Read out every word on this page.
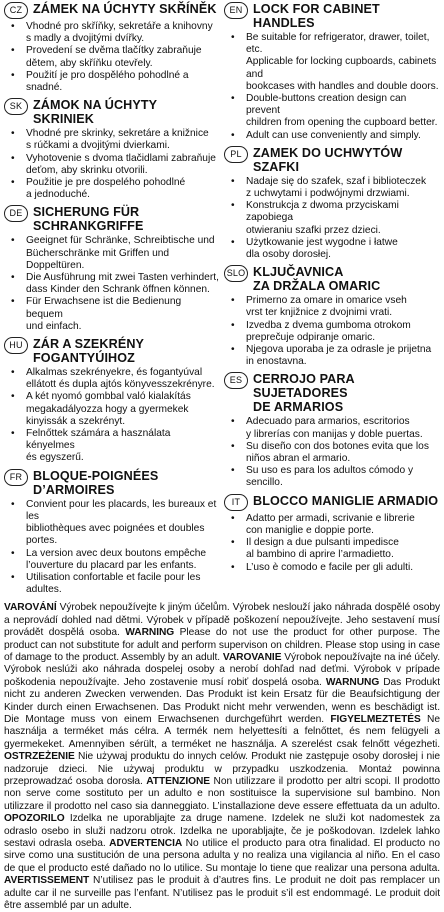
CZ ZÁMEK NA ÚCHYTY SKŘÍNĚK
• Vhodné pro skříňky, sekretáře a knihovny
s madly a dvojitými dvířky.
• Provedení se dvěma tlačítky zabraňuje
dětem, aby skříňku otevřely.
• Použití je pro dospělého pohodlné a snadné.
SK ZÁMOK NA ÚCHYTY SKRINIEK
• Vhodné pre skrinky, sekretáre a knižnice
s rúčkami a dvojitými dvierkami.
• Vyhotovenie s dvoma tlačidlami zabraňuje
deťom, aby skrinku otvorili.
• Použitie je pre dospelého pohodlné
a jednoduché.
DE SICHERUNG FÜR
SCHRANKGRIFFE
• Geeignet für Schränke, Schreibtische und
Bücherschränke mit Griffen und Doppeltüren.
• Die Ausführung mit zwei Tasten verhindert,
dass Kinder den Schrank öffnen können.
• Für Erwachsene ist die Bedienung bequem
und einfach.
HU ZÁR A SZEKRÉNY
FOGANTYÚIHOZ
• Alkalmas szekrényekre, és fogantyúval
ellátott és dupla ajtós könyvesszekrényre.
• A két nyomó gombbal való kialakítás
megakadályozza hogy a gyermekek
kinyissák a szekrényt.
• Felnőttek számára a használata kényelmes
és egyszerű.
FR BLOQUE-POIGNÉES D’ARMOIRES
• Convient pour les placards, les bureaux et les
bibliothèques avec poignées et doubles portes.
• La version avec deux boutons empêche
l’ouverture du placard par les enfants.
• Utilisation confortable et facile pour les adultes.
EN LOCK FOR CABINET HANDLES
• Be suitable for refrigerator, drawer, toilet, etc.
Applicable for locking cupboards, cabinets and
bookcases with handles and double doors.
• Double-buttons creation design can prevent
children from opening the cupboard better.
• Adult can use conveniently and simply.
PL ZAMEK DO UCHWYTÓW
SZAFKI
• Nadaje się do szafek, szaf i biblioteczek
z uchwytami i podwójnymi drzwiami.
• Konstrukcja z dwoma przyciskami zapobiega
otwieraniu szafki przez dzieci.
• Użytkowanie jest wygodne i łatwe
dla osoby dorosłej.
SLO KLJUČAVNICA
ZA DRŽALA OMARIC
• Primerno za omare in omarice vseh
vrst ter knjižnice z dvojnimi vrati.
• Izvedba z dvema gumboma otrokom
preprečuje odpiranje omaric.
• Njegova uporaba je za odrasle je prijetna
in enostavna.
ES CERROJO PARA SUJETADORES
DE ARMARIOS
• Adecuado para armarios, escritorios
y librerías con manijas y doble puertas.
• Su diseño con dos botones evita que los
niños abran el armario.
• Su uso es para los adultos cómodo y sencillo.
IT	BLOCCO MANIGLIE ARMADIO
• Adatto per armadi, scrivanie e librerie
con maniglie e doppie porte.
• Il design a due pulsanti impedisce
al bambino di aprire l’armadietto.
• L’uso è comodo e facile per gli adulti.
VAROVÁNÍ Výrobek nepoužívejte k jiným účelům. Výrobek neslouží jako náhrada dospělé osoby a neprovádí dohled nad dětmi. Výrobek v případě poškození nepoužívejte. Jeho sestavení musí provádět dospělá osoba. WARNING Please do not use the product for other purpose. The product can not substitute for adult and perform supervison on children. Please stop using in case of damage to the product. Assembly by an adult. VAROVANIE Výrobok nepoužívajte na iné účely. Výrobok neslúži ako náhrada dospelej osoby a nerobí dohľad nad deťmi. Výrobok v prípade poškodenia nepoužívajte. Jeho zostavenie musí robiť dospelá osoba. WARNUNG Das Produkt nicht zu anderen Zwecken verwenden. Das Produkt ist kein Ersatz für die Beaufsichtigung der Kinder durch einen Erwachsenen. Das Produkt nicht mehr verwenden, wenn es beschädigt ist. Die Montage muss von einem Erwachsenen durchgeführt werden. FIGYELMEZTETÉS Ne használja a terméket más célra. A termék nem helyettesíti a felnőttet, és nem felügyeli a gyermekeket. Amennyiben sérült, a terméket ne használja. A szerelést csak felnőtt végezheti. OSTRZEŻENIE Nie używaj produktu do innych celów. Produkt nie zastępuje osoby dorosłej i nie nadzoruje dzieci. Nie używaj produktu w przypadku uszkodzenia. Montaż powinna przeprowadzać osoba dorosła. ATTENZIONE Non utilizzare il prodotto per altri scopi. Il prodotto non serve come sostituto per un adulto e non sostituisce la supervisione sul bambino. Non utilizzare il prodotto nel caso sia danneggiato. L’installazione deve essere effettuata da un adulto. OPOZORILO Izdelka ne uporabljajte za druge namene. Izdelek ne služi kot nadomestek za odraslo osebo in služi nadzoru otrok. Izdelka ne uporabljajte, če je poškodovan. Izdelek lahko sestavi odrasla oseba. ADVERTENCIA No utilice el producto para otra finalidad. El producto no sirve como una sustitución de una persona adulta y no realiza una vigilancia al niño. En el caso de que el producto esté dañado no lo utilice. Su montaje lo tiene que realizar una persona adulta. AVERTISSEMENT N’utilisez pas le produit à d’autres fins. Le produit ne doit pas remplacer un adulte car il ne surveille pas l’enfant. N’utilisez pas le produit s’il est endommagé. Le produit doit être assemblé par un adulte.
